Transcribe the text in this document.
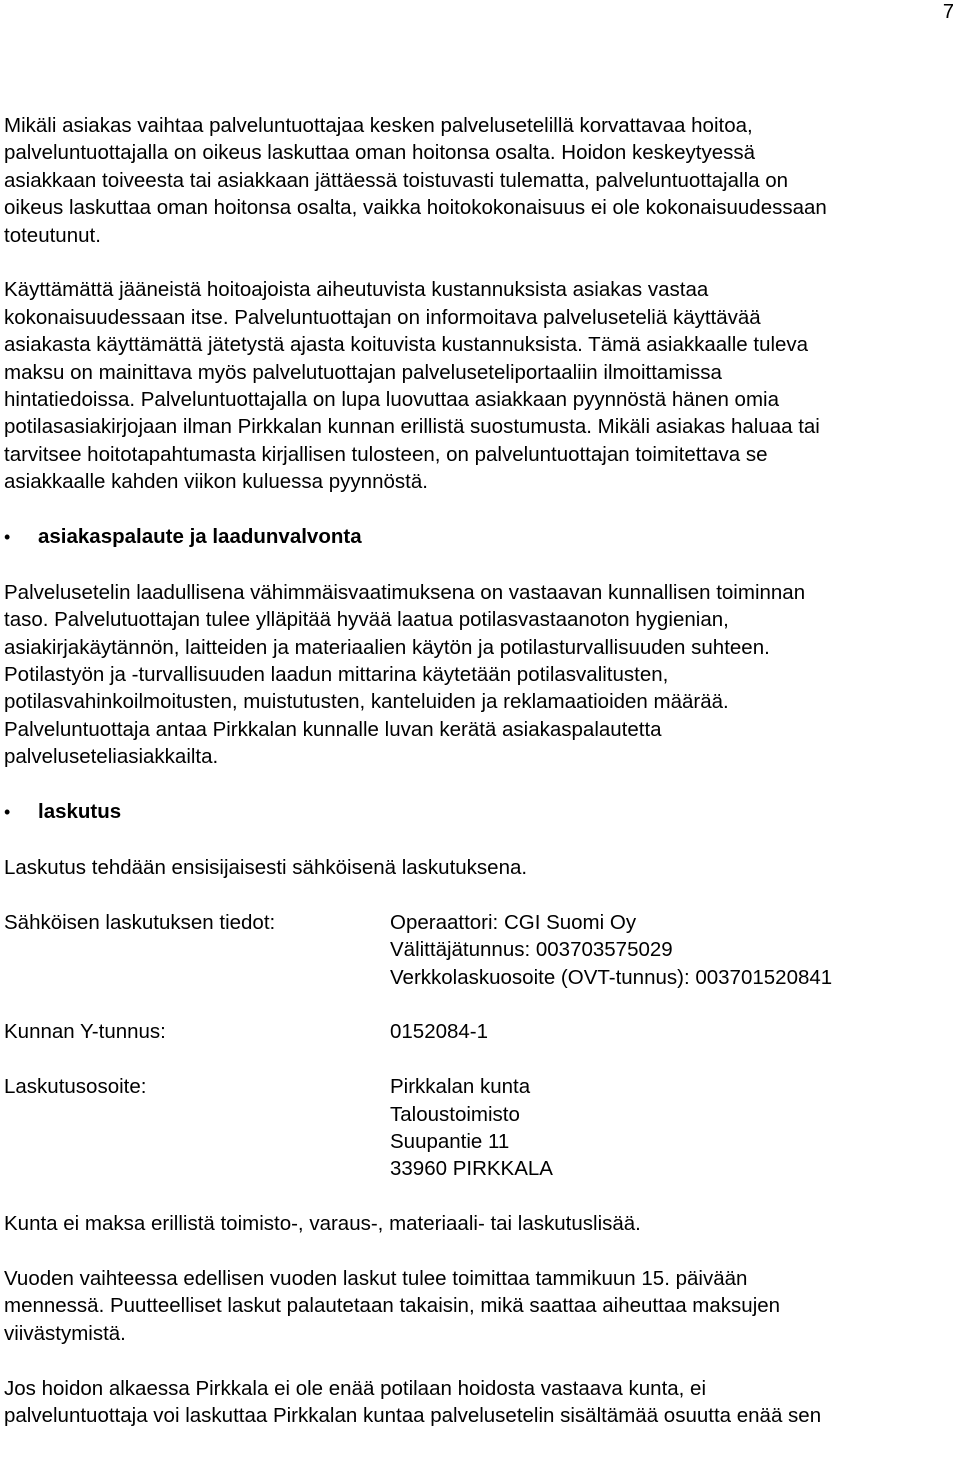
7

Mikäli asiakas vaihtaa palveluntuottajaa kesken palvelusetelillä korvattavaa hoitoa,
palveluntuottajalla on oikeus laskuttaa oman hoitonsa osalta. Hoidon keskeytyessä
asiakkaan toiveesta tai asiakkaan jättäessä toistuvasti tulematta, palveluntuottajalla on
oikeus laskuttaa oman hoitonsa osalta, vaikka hoitokokonaisuus ei ole kokonaisuudessaan
toteutunut.

Käyttämättä jääneistä hoitoajoista aiheutuvista kustannuksista asiakas vastaa
kokonaisuudessaan itse. Palveluntuottajan on informoitava palveluseteliä käyttävää
asiakasta käyttämättä jätetystä ajasta koituvista kustannuksista. Tämä asiakkaalle tuleva
maksu on mainittava myös palvelutuottajan palveluseteliportaaliin ilmoittamissa
hintatiedoissa. Palveluntuottajalla on lupa luovuttaa asiakkaan pyynnöstä hänen omia
potilasasiakirjojaan ilman Pirkkalan kunnan erillistä suostumusta. Mikäli asiakas haluaa tai
tarvitsee hoitotapahtumasta kirjallisen tulosteen, on palveluntuottajan toimitettava se
asiakkaalle kahden viikon kuluessa pyynnöstä.

•	asiakaspalaute ja laadunvalvonta

Palvelusetelin laadullisena vähimmäisvaatimuksena on vastaavan kunnallisen toiminnan
taso. Palvelutuottajan tulee ylläpitää hyvää laatua potilasvastaanoton hygienian,
asiakirjakäytännön, laitteiden ja materiaalien käytön ja potilasturvallisuuden suhteen.
Potilastyön ja -turvallisuuden laadun mittarina käytetään potilasvalitusten,
potilasvahinkoilmoitusten, muistutusten, kanteluiden ja reklamaatioiden määrää.
Palveluntuottaja antaa Pirkkalan kunnalle luvan kerätä asiakaspalautetta
palveluseteliasiakkailta.

•	laskutus

Laskutus tehdään ensisijaisesti sähköisenä laskutuksena.

Sähköisen laskutuksen tiedot:	Operaattori: CGI Suomi Oy
Välittäjätunnus: 003703575029
Verkkolaskuosoite (OVT-tunnus): 003701520841
Kunnan Y-tunnus:	0152084-1
Laskutusosoite:	Pirkkalan kunta
Taloustoimisto
Suupantie 11
33960 PIRKKALA

Kunta ei maksa erillistä toimisto-, varaus-, materiaali- tai laskutuslisää.

Vuoden vaihteessa edellisen vuoden laskut tulee toimittaa tammikuun 15. päivään
mennessä. Puutteelliset laskut palautetaan takaisin, mikä saattaa aiheuttaa maksujen
viivästymistä.

Jos hoidon alkaessa Pirkkala ei ole enää potilaan hoidosta vastaava kunta, ei
palveluntuottaja voi laskuttaa Pirkkalan kuntaa palvelusetelin sisältämää osuutta enää sen
